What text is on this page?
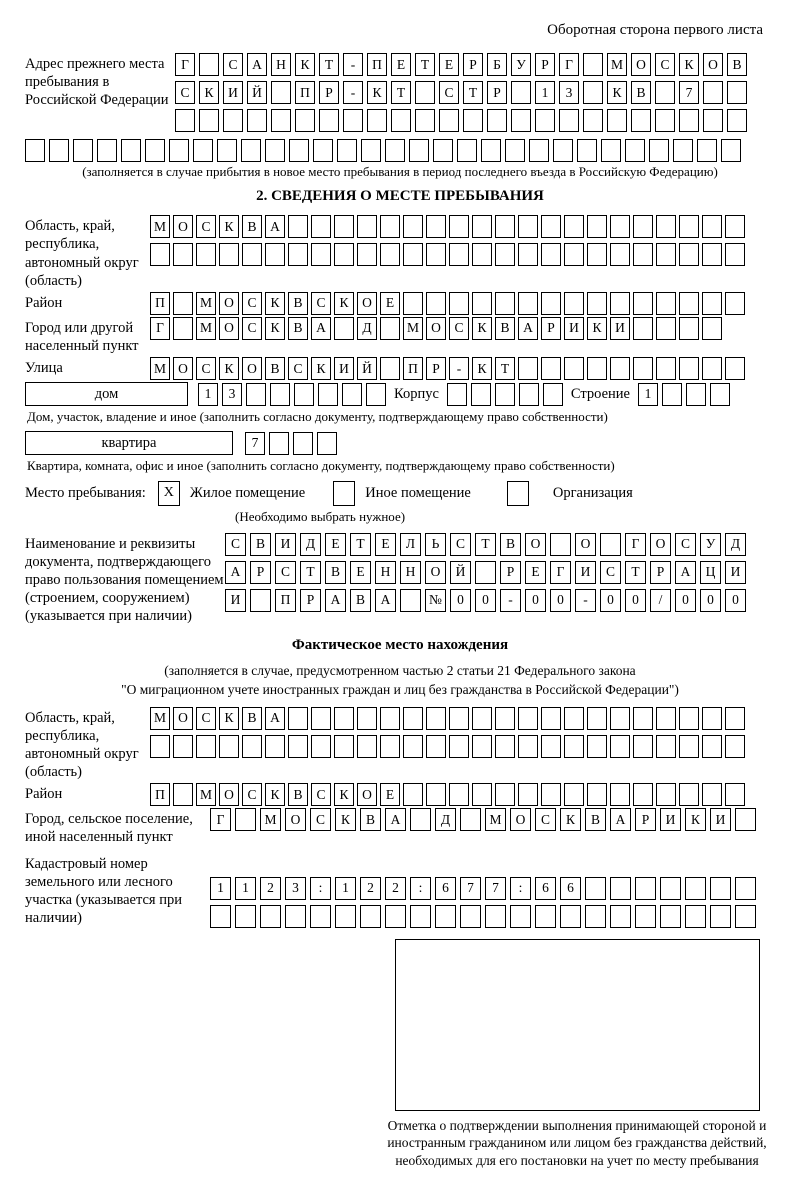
Оборотная сторона первого листа
Адрес прежнего места пребывания в Российской Федерации
Г	С	А	Н	К	Т	-	П	Е	Т	Е	Р	Б	У	Р	Г	М О	С	К	О	В
С	К	И	Й	П	Р	-	К	Т	С	Т	Р	1	3	К	В	7
(заполняется в случае прибытия в новое место пребывания в период последнего въезда в Российскую Федерацию)
2. СВЕДЕНИЯ О МЕСТЕ ПРЕБЫВАНИЯ
Область, край, республика, автономный округ (область)
М О	С	К	В	А
Район	П	М О	С	К	В	С	К	О	Е
Город или другой населенный пункт
Г	М О	С	К	В	А	Д	М О	С	К	В	А	Р	И	К	И
Улица	М О	С	К	О	В	С	К	И Й	П	Р	-	К	Т
дом	1	3	Корпус	Строение	1
Дом, участок, владение и иное (заполнить согласно документу, подтверждающему право собственности)
квартира	7
Квартира, комната, офис и иное (заполнить согласно документу, подтверждающему право собственности)
Место пребывания:	X	Жилое помещение	Иное помещение	Организация
(Необходимо выбрать нужное)
Наименование и реквизиты документа, подтверждающего право пользования помещением (строением, сооружением) (указывается при наличии)
С	В	И	Д	Е	Т	Е	Л	Ь	С	Т	В	О	О	Г	О	С	У	Д
А	Р	С	Т	В	Е	Н	Н	О	Й	Р	Е	Г	И	С	Т	Р	А	Ц	И
И	П	Р	А	В	А	№	0	0	-	0	0	-	0	0	/	0	0	0
Фактическое место нахождения
(заполняется в случае, предусмотренном частью 2 статьи 21 Федерального закона
"О миграционном учете иностранных граждан и лиц без гражданства в Российской Федерации")
Область, край, республика, автономный округ (область)
М О	С	К	В	А
Район	П	М О	С	К	В	С	К	О	Е
Город, сельское поселение, иной населенный пункт
Г	М	О	С	К	В	А	Д	М	О	С	К	В	А	Р	И	К	И
Кадастровый номер земельного или лесного участка (указывается при наличии)
1	1	2	3	:	1	2	2	:	6	7	7	:	6	6
Отметка о подтверждении выполнения принимающей стороной и иностранным гражданином или лицом без гражданства действий, необходимых для его постановки на учет по месту пребывания
